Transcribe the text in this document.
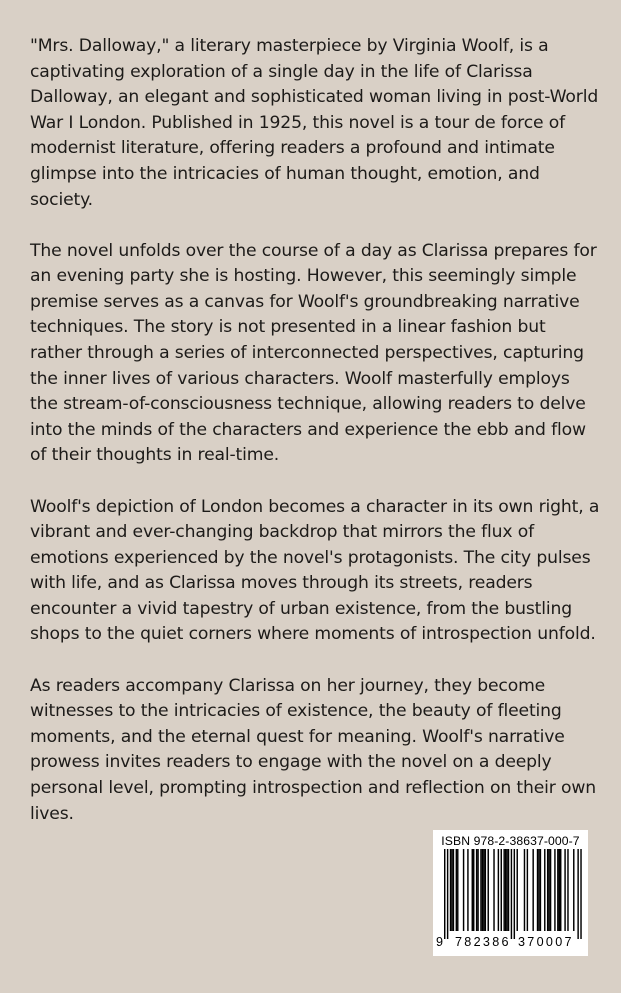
"Mrs. Dalloway," a literary masterpiece by Virginia Woolf, is a captivating exploration of a single day in the life of Clarissa Dalloway, an elegant and sophisticated woman living in post-World War I London. Published in 1925, this novel is a tour de force of modernist literature, offering readers a profound and intimate glimpse into the intricacies of human thought, emotion, and society.

The novel unfolds over the course of a day as Clarissa prepares for an evening party she is hosting. However, this seemingly simple premise serves as a canvas for Woolf's groundbreaking narrative techniques. The story is not presented in a linear fashion but rather through a series of interconnected perspectives, capturing the inner lives of various characters. Woolf masterfully employs the stream-of-consciousness technique, allowing readers to delve into the minds of the characters and experience the ebb and flow of their thoughts in real-time.

Woolf's depiction of London becomes a character in its own right, a vibrant and ever-changing backdrop that mirrors the flux of emotions experienced by the novel's protagonists. The city pulses with life, and as Clarissa moves through its streets, readers encounter a vivid tapestry of urban existence, from the bustling shops to the quiet corners where moments of introspection unfold.

As readers accompany Clarissa on her journey, they become witnesses to the intricacies of existence, the beauty of fleeting moments, and the eternal quest for meaning. Woolf's narrative prowess invites readers to engage with the novel on a deeply personal level, prompting introspection and reflection on their own lives.

ISBN 978-2-38637-000-7
9 782386 370007
